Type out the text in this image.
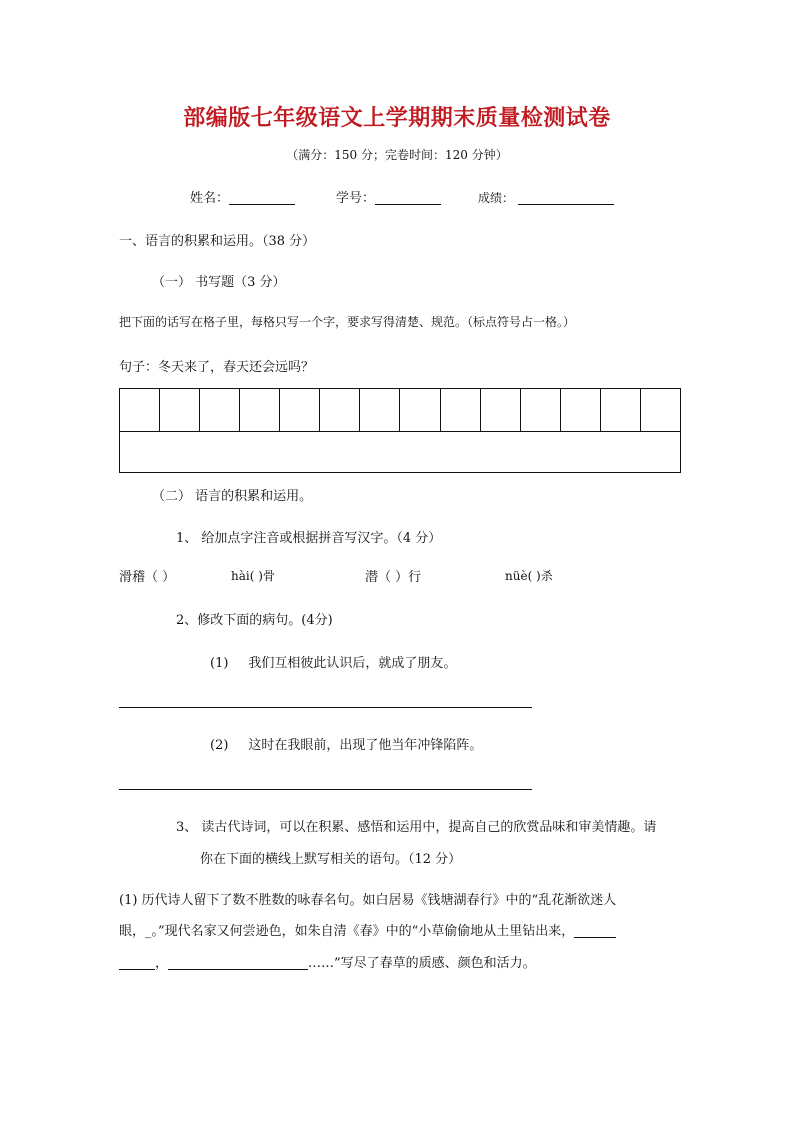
部编版七年级语文上学期期末质量检测试卷
（满分：150 分；完卷时间：120 分钟）
姓名：	学号：	成绩：
一、语言的积累和运用。（38 分）
（一） 书写题（3 分）
把下面的话写在格子里，每格只写一个字，要求写得清楚、规范。（标点符号占一格。）
句子：冬天来了，春天还会远吗？

（二） 语言的积累和运用。
1、 给加点字注音或根据拼音写汉字。（4 分）
滑稽（ ）	hài( )骨	潜（ ）行	nüè( )杀
2、修改下面的病句。(4分)
(1) 我们互相彼此认识后，就成了朋友。
(2) 这时在我眼前，出现了他当年冲锋陷阵。
3、 读古代诗词，可以在积累、感悟和运用中，提高自己的欣赏品味和审美情趣。请
你在下面的横线上默写相关的语句。（12 分）
(1) 历代诗人留下了数不胜数的咏春名句。如白居易《钱塘湖春行》中的“乱花渐欲迷人
眼，_。”现代名家又何尝逊色，如朱自清《春》中的“小草偷偷地从土里钻出来，
，	……”写尽了春草的质感、颜色和活力。
